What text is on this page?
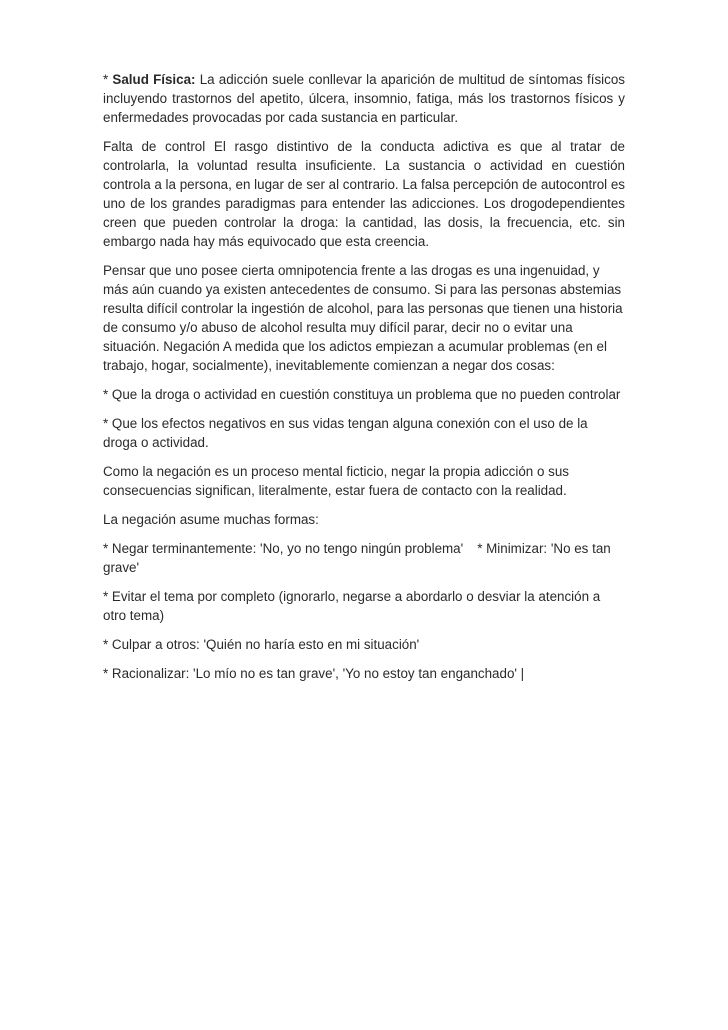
* Salud Física: La adicción suele conllevar la aparición de multitud de síntomas físicos incluyendo trastornos del apetito, úlcera, insomnio, fatiga, más los trastornos físicos y enfermedades provocadas por cada sustancia en particular.

Falta de control El rasgo distintivo de la conducta adictiva es que al tratar de controlarla, la voluntad resulta insuficiente. La sustancia o actividad en cuestión controla a la persona, en lugar de ser al contrario. La falsa percepción de autocontrol es uno de los grandes paradigmas para entender las adicciones. Los drogodependientes creen que pueden controlar la droga: la cantidad, las dosis, la frecuencia, etc. sin embargo nada hay más equivocado que esta creencia.

Pensar que uno posee cierta omnipotencia frente a las drogas es una ingenuidad, y más aún cuando ya existen antecedentes de consumo. Si para las personas abstemias resulta difícil controlar la ingestión de alcohol, para las personas que tienen una historia de consumo y/o abuso de alcohol resulta muy difícil parar, decir no o evitar una situación. Negación A medida que los adictos empiezan a acumular problemas (en el trabajo, hogar, socialmente), inevitablemente comienzan a negar dos cosas:

* Que la droga o actividad en cuestión constituya un problema que no pueden controlar

* Que los efectos negativos en sus vidas tengan alguna conexión con el uso de la droga o actividad.

Como la negación es un proceso mental ficticio, negar la propia adicción o sus consecuencias significan, literalmente, estar fuera de contacto con la realidad.

La negación asume muchas formas:

* Negar terminantemente: 'No, yo no tengo ningún problema' * Minimizar: 'No es tan grave'

* Evitar el tema por completo (ignorarlo, negarse a abordarlo o desviar la atención a otro tema)

* Culpar a otros: 'Quién no haría esto en mi situación'

* Racionalizar: 'Lo mío no es tan grave', 'Yo no estoy tan enganchado' |
